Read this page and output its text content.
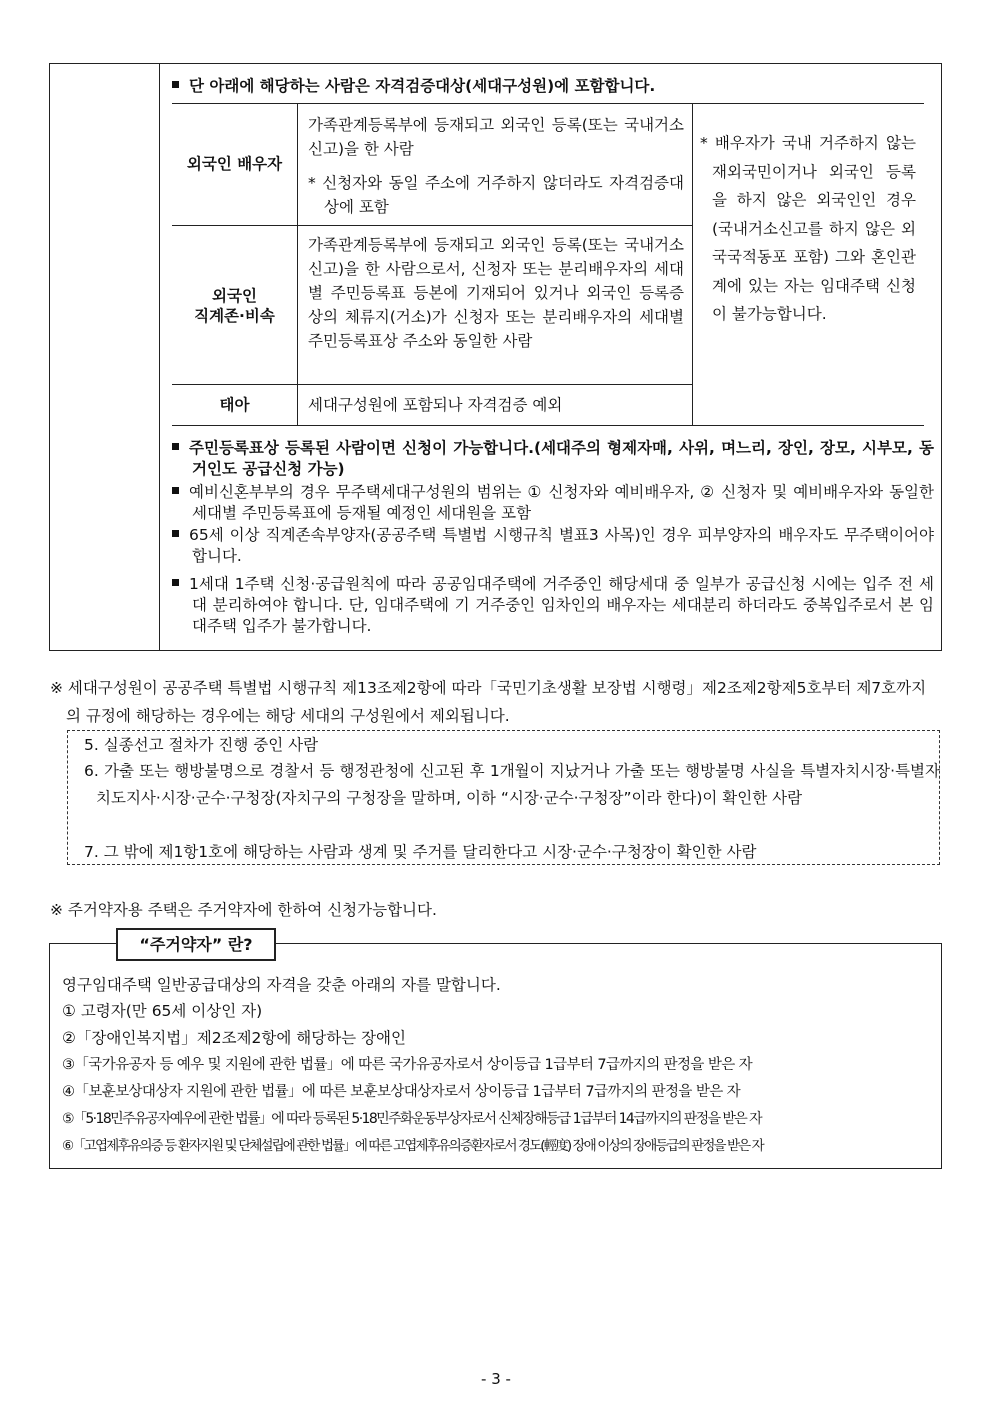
단 아래에 해당하는 사람은 자격검증대상(세대구성원)에 포함합니다.
외국인 배우자
가족관계등록부에 등재되고 외국인 등록(또는 국내거소신고)을 한 사람
* 신청자와 동일 주소에 거주하지 않더라도 자격검증대상에 포함
외국인
직계존·비속
가족관계등록부에 등재되고 외국인 등록(또는 국내거소신고)을 한 사람으로서, 신청자 또는 분리배우자의 세대별 주민등록표 등본에 기재되어 있거나 외국인 등록증 상의 체류지(거소)가 신청자 또는 분리배우자의 세대별 주민등록표상 주소와 동일한 사람
태아	세대구성원에 포함되나 자격검증 예외
* 배우자가 국내 거주하지 않는 재외국민이거나 외국인 등록을 하지 않은 외국인인 경우(국내거소신고를 하지 않은 외국국적동포 포함) 그와 혼인관계에 있는 자는 임대주택 신청이 불가능합니다.
주민등록표상 등록된 사람이면 신청이 가능합니다.(세대주의 형제자매, 사위, 며느리, 장인, 장모, 시부모, 동거인도 공급신청 가능)
예비신혼부부의 경우 무주택세대구성원의 범위는 ① 신청자와 예비배우자, ② 신청자 및 예비배우자와 동일한 세대별 주민등록표에 등재될 예정인 세대원을 포함
65세 이상 직계존속부양자(공공주택 특별법 시행규칙 별표3 사목)인 경우 피부양자의 배우자도 무주택이어야 합니다.
1세대 1주택 신청·공급원칙에 따라 공공임대주택에 거주중인 해당세대 중 일부가 공급신청 시에는 입주 전 세대 분리하여야 합니다. 단, 임대주택에 기 거주중인 임차인의 배우자는 세대분리 하더라도 중복입주로서 본 임대주택 입주가 불가합니다.
※ 세대구성원이 공공주택 특별법 시행규칙 제13조제2항에 따라「국민기초생활 보장법 시행령」제2조제2항제5호부터 제7호까지의 규정에 해당하는 경우에는 해당 세대의 구성원에서 제외됩니다.
5. 실종선고 절차가 진행 중인 사람
6. 가출 또는 행방불명으로 경찰서 등 행정관청에 신고된 후 1개월이 지났거나 가출 또는 행방불명 사실을 특별자치시장·특별자치도지사·시장·군수·구청장(자치구의 구청장을 말하며, 이하 “시장·군수·구청장”이라 한다)이 확인한 사람
7. 그 밖에 제1항1호에 해당하는 사람과 생계 및 주거를 달리한다고 시장·군수·구청장이 확인한 사람
※ 주거약자용 주택은 주거약자에 한하여 신청가능합니다.
“주거약자” 란?
영구임대주택 일반공급대상의 자격을 갖춘 아래의 자를 말합니다.
① 고령자(만 65세 이상인 자)
②「장애인복지법」제2조제2항에 해당하는 장애인
③「국가유공자 등 예우 및 지원에 관한 법률」에 따른 국가유공자로서 상이등급 1급부터 7급까지의 판정을 받은 자
④「보훈보상대상자 지원에 관한 법률」에 따른 보훈보상대상자로서 상이등급 1급부터 7급까지의 판정을 받은 자
⑤「5·18민주유공자예우에 관한 법률」에 따라 등록된 5·18민주화운동부상자로서 신체장해등급 1급부터 14급까지의 판정을 받은 자
⑥「고엽제후유의증 등 환자지원 및 단체설립에 관한 법률」에 따른 고엽제후유의증환자로서 경도(輕度) 장애 이상의 장애등급의 판정을 받은 자
- 3 -
